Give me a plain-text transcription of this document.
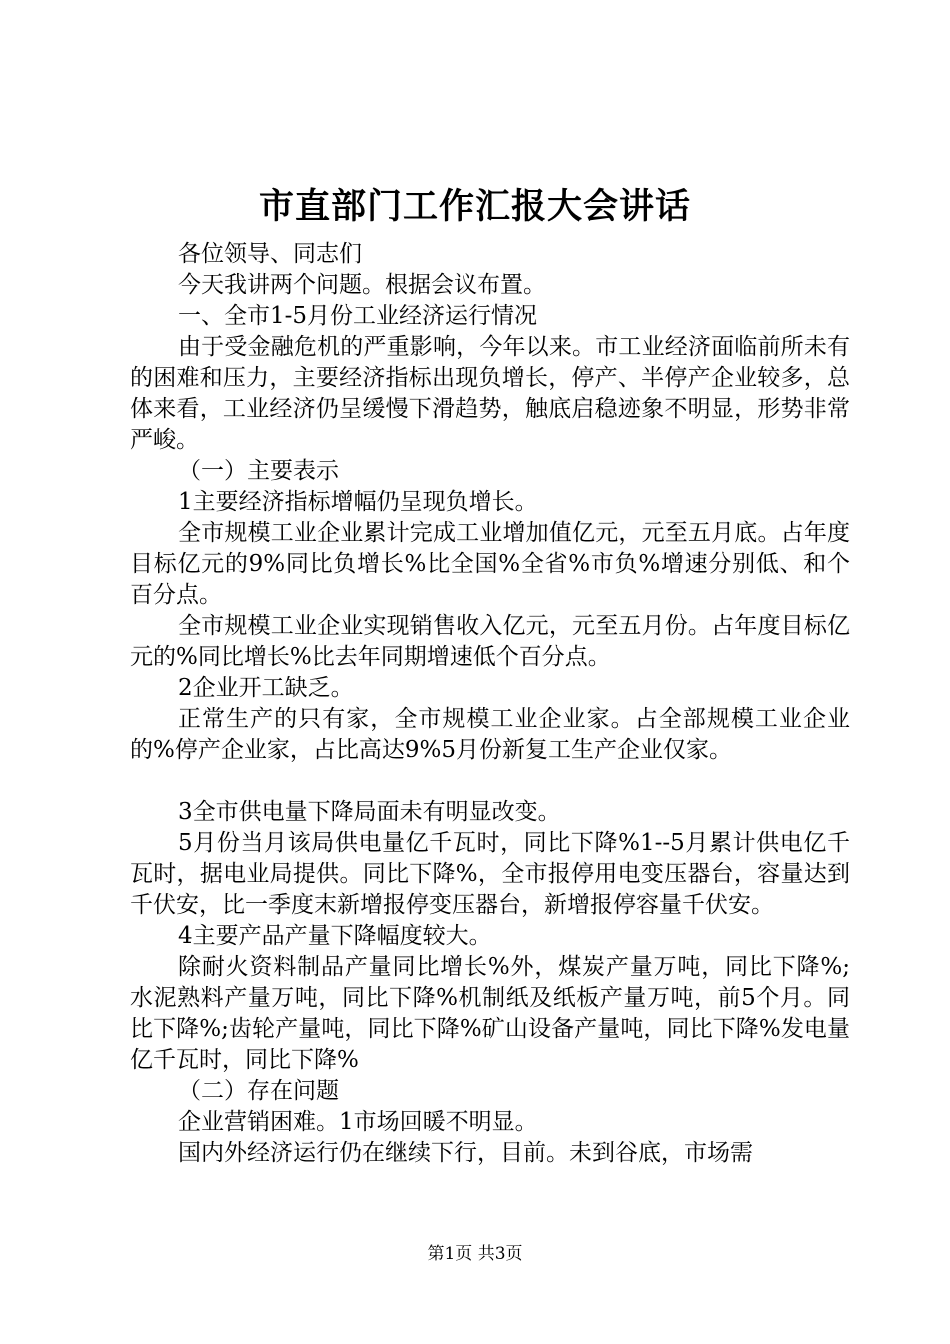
市直部门工作汇报大会讲话

各位领导、同志们

今天我讲两个问题。根据会议布置。

一、全市1-5月份工业经济运行情况

由于受金融危机的严重影响，今年以来。市工业经济面临前所未有的困难和压力，主要经济指标出现负增长，停产、半停产企业较多，总体来看，工业经济仍呈缓慢下滑趋势，触底启稳迹象不明显，形势非常严峻。

（一）主要表示

1主要经济指标增幅仍呈现负增长。

全市规模工业企业累计完成工业增加值亿元，元至五月底。占年度目标亿元的9%同比负增长%比全国%全省%市负%增速分别低、和个百分点。

全市规模工业企业实现销售收入亿元，元至五月份。占年度目标亿元的%同比增长%比去年同期增速低个百分点。

2企业开工缺乏。

正常生产的只有家，全市规模工业企业家。占全部规模工业企业的%停产企业家，占比高达9%5月份新复工生产企业仅家。

3全市供电量下降局面未有明显改变。

5月份当月该局供电量亿千瓦时，同比下降%1--5月累计供电亿千瓦时，据电业局提供。同比下降%，全市报停用电变压器台，容量达到千伏安，比一季度末新增报停变压器台，新增报停容量千伏安。

4主要产品产量下降幅度较大。

除耐火资料制品产量同比增长%外，煤炭产量万吨，同比下降%;水泥熟料产量万吨，同比下降%机制纸及纸板产量万吨，前5个月。同比下降%;齿轮产量吨，同比下降%矿山设备产量吨，同比下降%发电量亿千瓦时，同比下降%

（二）存在问题

企业营销困难。1市场回暖不明显。

国内外经济运行仍在继续下行，目前。未到谷底，市场需

第1页 共3页
